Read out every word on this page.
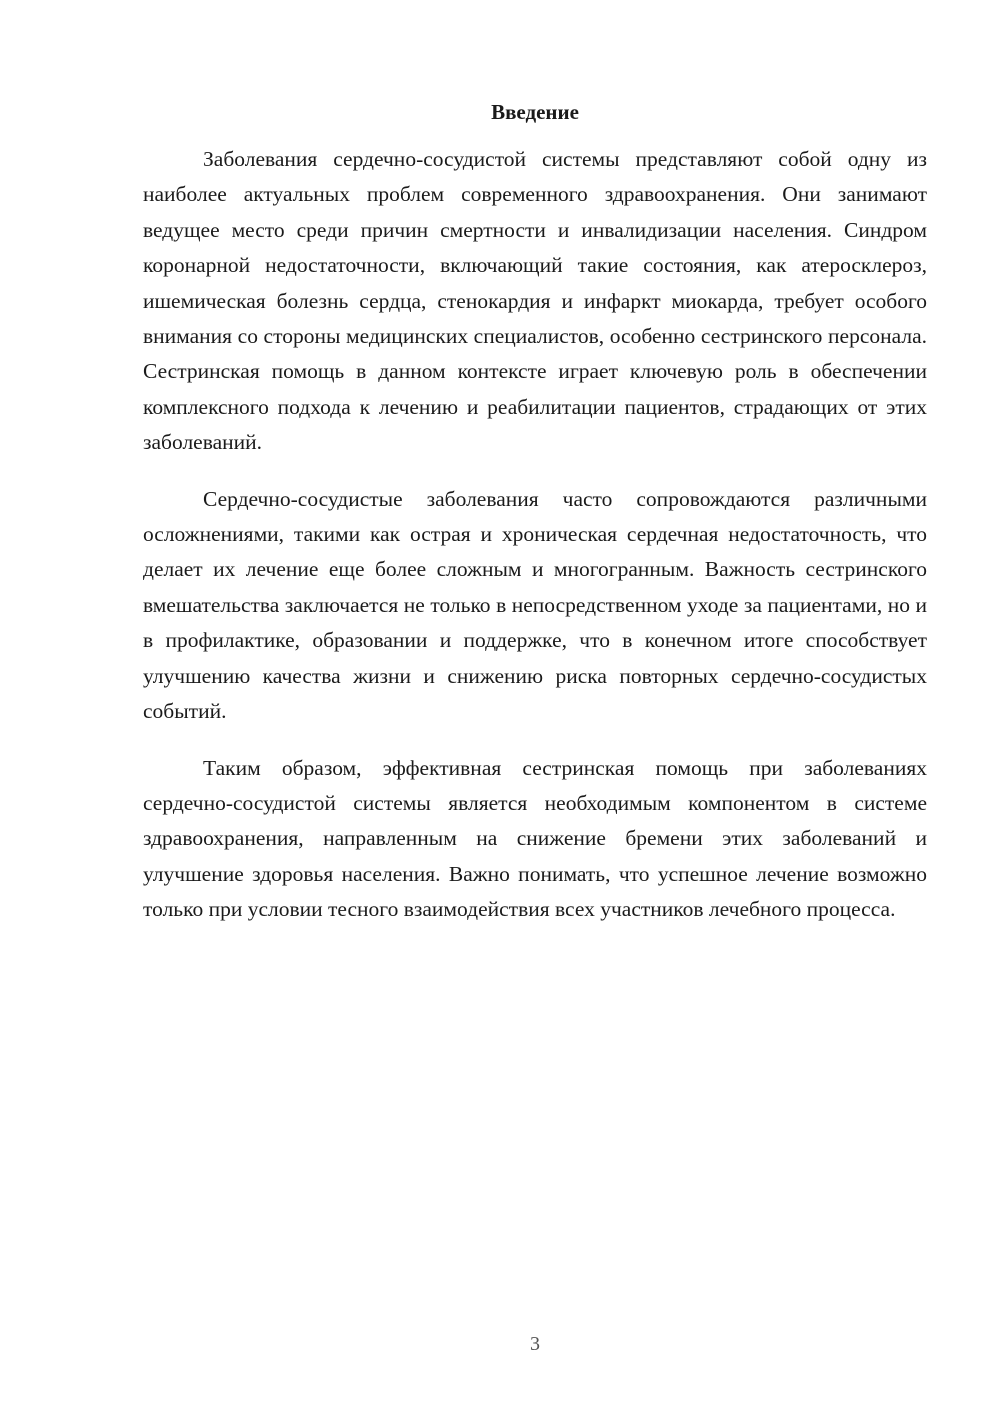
Введение

Заболевания сердечно-сосудистой системы представляют собой одну из наиболее актуальных проблем современного здравоохранения. Они занимают ведущее место среди причин смертности и инвалидизации населения. Синдром коронарной недостаточности, включающий такие состояния, как атеросклероз, ишемическая болезнь сердца, стенокардия и инфаркт миокарда, требует особого внимания со стороны медицинских специалистов, особенно сестринского персонала. Сестринская помощь в данном контексте играет ключевую роль в обеспечении комплексного подхода к лечению и реабилитации пациентов, страдающих от этих заболеваний.

Сердечно-сосудистые заболевания часто сопровождаются различными осложнениями, такими как острая и хроническая сердечная недостаточность, что делает их лечение еще более сложным и многогранным. Важность сестринского вмешательства заключается не только в непосредственном уходе за пациентами, но и в профилактике, образовании и поддержке, что в конечном итоге способствует улучшению качества жизни и снижению риска повторных сердечно-сосудистых событий.

Таким образом, эффективная сестринская помощь при заболеваниях сердечно-сосудистой системы является необходимым компонентом в системе здравоохранения, направленным на снижение бремени этих заболеваний и улучшение здоровья населения. Важно понимать, что успешное лечение возможно только при условии тесного взаимодействия всех участников лечебного процесса.

3
